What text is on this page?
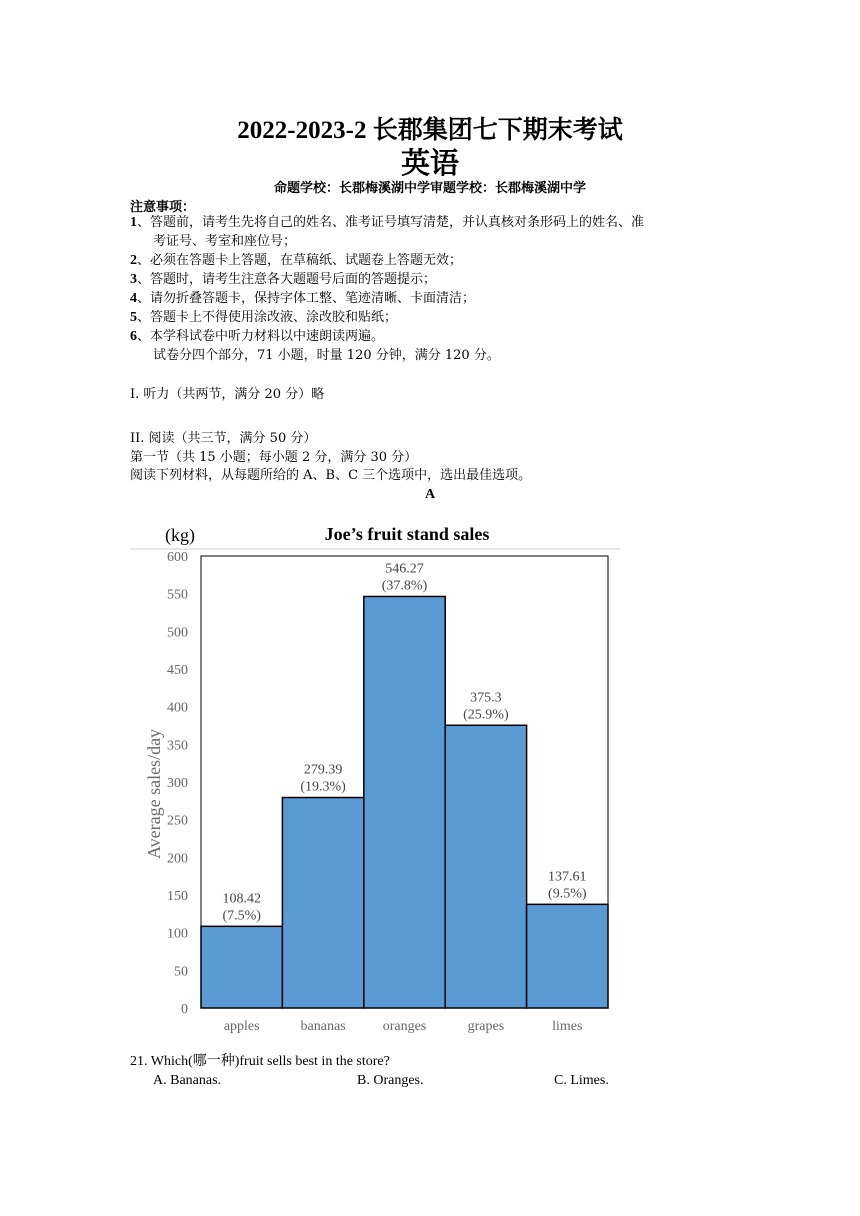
2022-2023-2 长郡集团七下期末考试
英语
命题学校：长郡梅溪湖中学审题学校：长郡梅溪湖中学
注意事项：
1、答题前，请考生先将自己的姓名、准考证号填写清楚，并认真核对条形码上的姓名、准
考证号、考室和座位号；
2、必须在答题卡上答题，在草稿纸、试题卷上答题无效；
3、答题时，请考生注意各大题题号后面的答题提示；
4、请勿折叠答题卡，保持字体工整、笔迹清晰、卡面清洁；
5、答题卡上不得使用涂改液、涂改胶和贴纸；
6、本学科试卷中听力材料以中速朗读两遍。
试卷分四个部分，71 小题，时量 120 分钟，满分 120 分。
I. 听力（共两节，满分 20 分）略
II. 阅读（共三节，满分 50 分）
第一节（共 15 小题；每小题 2 分，满分 30 分）
阅读下列材料，从每题所给的 A、B、C 三个选项中，选出最佳选项。
A
(kg)	Joe’s fruit stand sales
0
50
100
150
200
250
300
350
400
450
500
550
600
Average sales/day
108.42
(7.5%)
apples
279.39
(19.3%)
bananas
546.27
(37.8%)
oranges
375.3
(25.9%)
grapes
137.61
(9.5%)
limes
21. Which(哪一种)fruit sells best in the store?
A. Bananas.	B. Oranges.	C. Limes.
